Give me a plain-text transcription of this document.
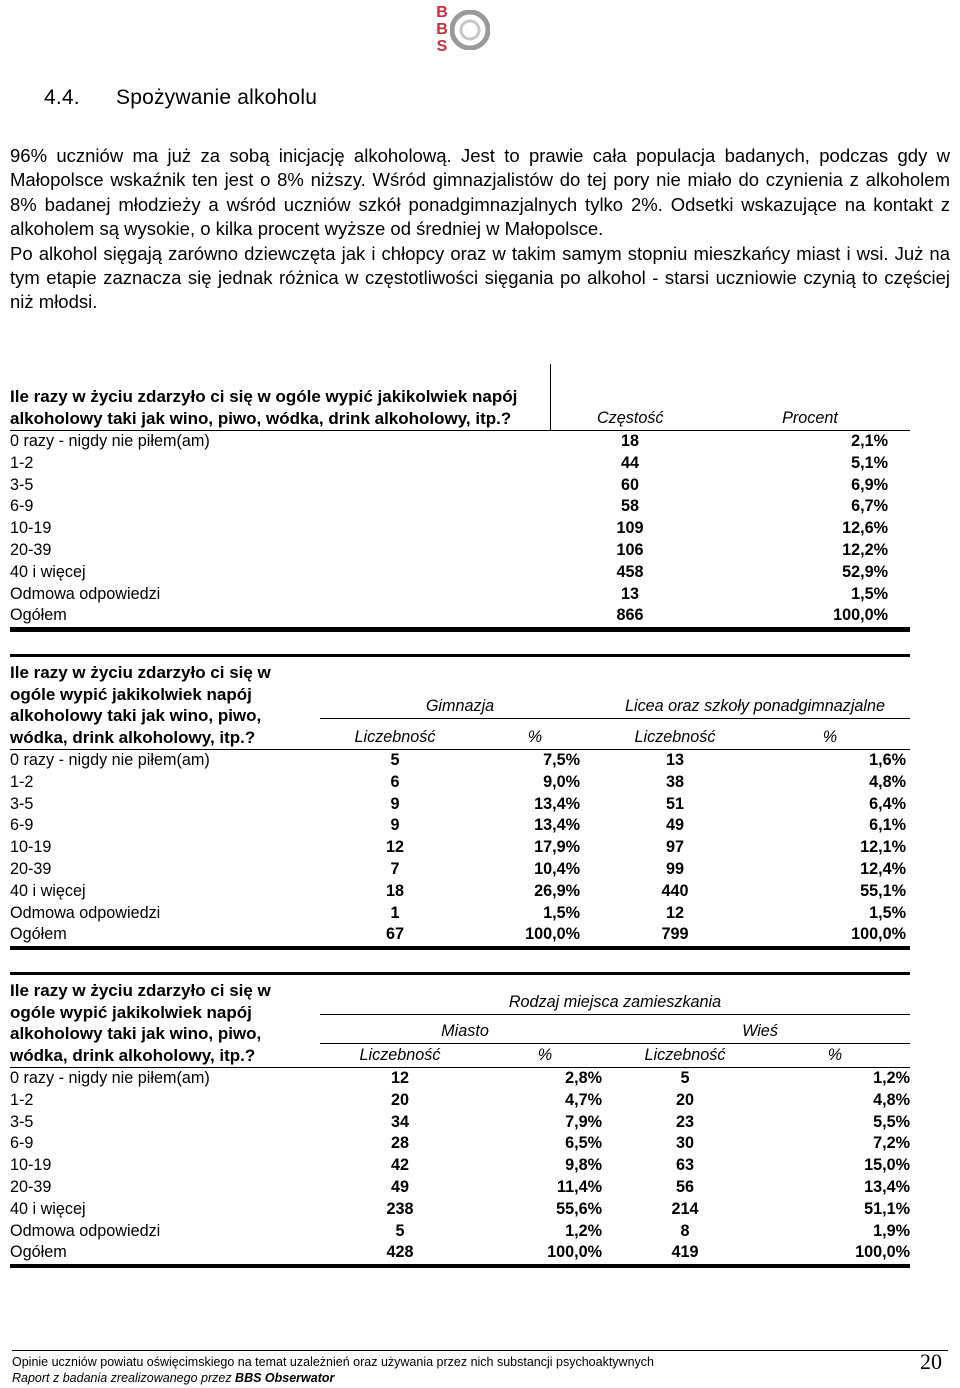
B
B
S
4.4. Spożywanie alkoholu

96% uczniów ma już za sobą inicjację alkoholową. Jest to prawie cała populacja badanych, podczas gdy w Małopolsce wskaźnik ten jest o 8% niższy. Wśród gimnazjalistów do tej pory nie miało do czynienia z alkoholem 8% badanej młodzieży a wśród uczniów szkół ponadgimnazjalnych tylko 2%. Odsetki wskazujące na kontakt z alkoholem są wysokie, o kilka procent wyższe od średniej w Małopolsce.

Po alkohol sięgają zarówno dziewczęta jak i chłopcy oraz w takim samym stopniu mieszkańcy miast i wsi. Już na tym etapie zaznacza się jednak różnica w częstotliwości sięgania po alkohol - starsi uczniowie czynią to częściej niż młodsi.

Ile razy w życiu zdarzyło ci się w ogóle wypić jakikolwiek napój alkoholowy taki jak wino, piwo, wódka, drink alkoholowy, itp.?	Częstość	Procent
0 razy - nigdy nie piłem(am)	18	2,1%
1-2	44	5,1%
3-5	60	6,9%
6-9	58	6,7%
10-19	109	12,6%
20-39	106	12,2%
40 i więcej	458	52,9%
Odmowa odpowiedzi	13	1,5%
Ogółem	866	100,0%
Ile razy w życiu zdarzyło ci się w ogóle wypić jakikolwiek napój alkoholowy taki jak wino, piwo, wódka, drink alkoholowy, itp.?	Gimnazja		Licea oraz szkoły ponadgimnazjalne	
	Liczebność	%	Liczebność	%
0 razy - nigdy nie piłem(am)	5	7,5%	13	1,6%
1-2	6	9,0%	38	4,8%
3-5	9	13,4%	51	6,4%
6-9	9	13,4%	49	6,1%
10-19	12	17,9%	97	12,1%
20-39	7	10,4%	99	12,4%
40 i więcej	18	26,9%	440	55,1%
Odmowa odpowiedzi	1	1,5%	12	1,5%
Ogółem	67	100,0%	799	100,0%
Ile razy w życiu zdarzyło ci się w ogóle wypić jakikolwiek napój alkoholowy taki jak wino, piwo, wódka, drink alkoholowy, itp.?	Rodzaj miejsca zamieszkania			
	Miasto		Wieś	
	Liczebność	%	Liczebność	%
0 razy - nigdy nie piłem(am)	12	2,8%	5	1,2%
1-2	20	4,7%	20	4,8%
3-5	34	7,9%	23	5,5%
6-9	28	6,5%	30	7,2%
10-19	42	9,8%	63	15,0%
20-39	49	11,4%	56	13,4%
40 i więcej	238	55,6%	214	51,1%
Odmowa odpowiedzi	5	1,2%	8	1,9%
Ogółem	428	100,0%	419	100,0%
Opinie uczniów powiatu oświęcimskiego na temat uzależnień oraz używania przez nich substancji psychoaktywnych
Raport z badania zrealizowanego przez BBS Obserwator
20
